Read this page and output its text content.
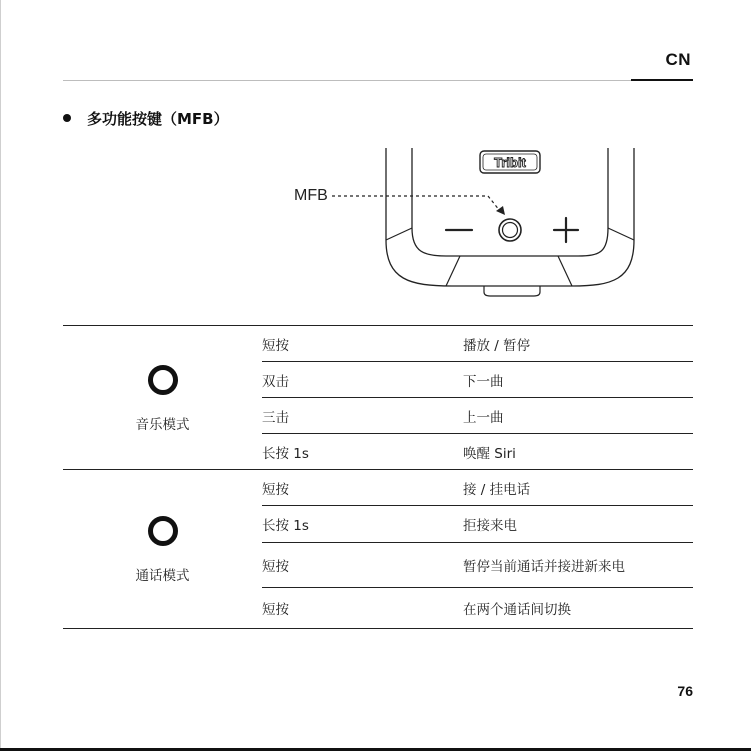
CN
多功能按键（MFB）
Tribit
MFB
音乐模式	短按	播放 / 暂停
	双击	下一曲
	三击	上一曲
	长按 1s	唤醒 Siri

通话模式	短按	接 / 挂电话
	长按 1s	拒接来电
	短按	暂停当前通话并接进新来电
	短按	在两个通话间切换
76
